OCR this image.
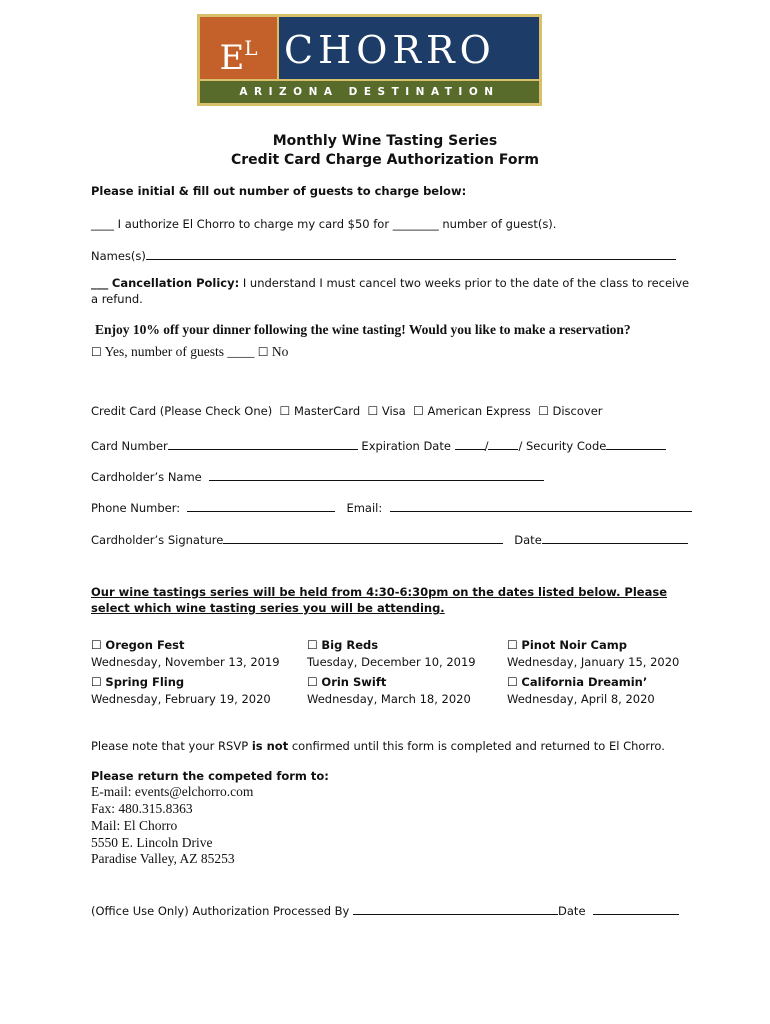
$E^L$
ARIZONA DESTINATION DINING
CHORRO
Monthly Wine Tasting Series
Credit Card Charge Authorization Form
Please initial & fill out number of guests to charge below:
____ I authorize El Chorro to charge my card $50 for ________ number of guest(s).
Names(s)
___ Cancellation Policy: I understand I must cancel two weeks prior to the date of the class to receive
a refund.
Enjoy 10% off your dinner following the wine tasting! Would you like to make a reservation?
☐ Yes, number of guests ____ ☐ No
Credit Card (Please Check One) ☐ MasterCard ☐ Visa ☐ American Express ☐ Discover
Card Number	Expiration Date	/	/ Security Code
Cardholder’s Name
Phone Number:	Email:
Cardholder’s Signature	Date
Our wine tastings series will be held from 4:30-6:30pm on the dates listed below. Please
select which wine tasting series you will be attending.
☐ Oregon Fest
Wednesday, November 13, 2019
☐ Big Reds
Tuesday, December 10, 2019
☐ Pinot Noir Camp
Wednesday, January 15, 2020
☐ Spring Fling
Wednesday, February 19, 2020
☐ Orin Swift
Wednesday, March 18, 2020
☐ California Dreamin’
Wednesday, April 8, 2020
Please note that your RSVP is not confirmed until this form is completed and returned to El Chorro.
Please return the competed form to:
E-mail: events@elchorro.com
Fax: 480.315.8363
Mail: El Chorro
5550 E. Lincoln Drive
Paradise Valley, AZ 85253
(Office Use Only) Authorization Processed By	Date
